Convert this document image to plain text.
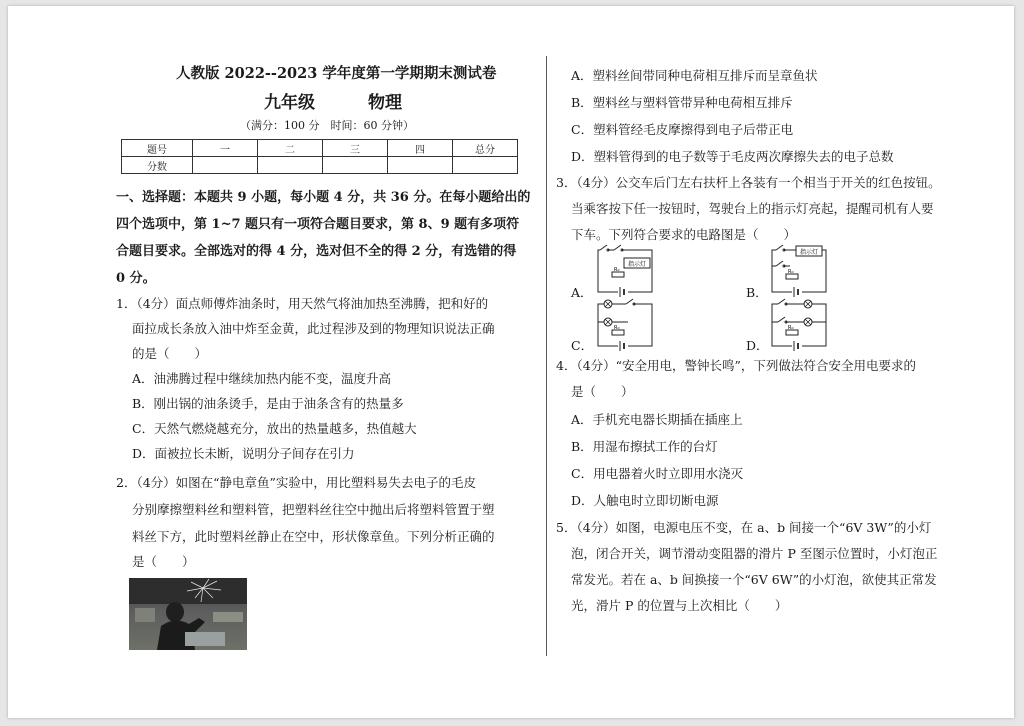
人教版 2022--2023 学年度第一学期期末测试卷
九年级	物理
（满分：100 分　时间：60 分钟）
题号	一	二	三	四	总分
分数					
一、选择题：本题共 9 小题，每小题 4 分，共 36 分。在每小题给出的
四个选项中，第 1~7 题只有一项符合题目要求，第 8、9 题有多项符
合题目要求。全部选对的得 4 分，选对但不全的得 2 分，有选错的得
0 分。
1．（4分）面点师傅炸油条时，用天然气将油加热至沸腾，把和好的
面拉成长条放入油中炸至金黄，此过程涉及到的物理知识说法正确
的是（　　）
A．油沸腾过程中继续加热内能不变，温度升高
B．刚出锅的油条烫手，是由于油条含有的热量多
C．天然气燃烧越充分，放出的热量越多，热值越大
D．面被拉长未断，说明分子间存在引力
2．（4分）如图在“静电章鱼”实验中，用比塑料易失去电子的毛皮
分别摩擦塑料丝和塑料管，把塑料丝往空中抛出后将塑料管置于塑
料丝下方，此时塑料丝静止在空中，形状像章鱼。下列分析正确的
是（　　）
A．塑料丝间带同种电荷相互排斥而呈章鱼状
B．塑料丝与塑料管带异种电荷相互排斥
C．塑料管经毛皮摩擦得到电子后带正电
D．塑料管得到的电子数等于毛皮两次摩擦失去的电子总数
3．（4分）公交车后门左右扶杆上各装有一个相当于开关的红色按钮。
当乘客按下任一按钮时，驾驶台上的指示灯亮起，提醒司机有人要
下车。下列符合要求的电路图是（　　）
A．
指示灯
R₀
B．
指示灯
R₀
C．
R₀
D．
R₀
4．（4分）“安全用电，警钟长鸣”，下列做法符合安全用电要求的
是（　　）
A．手机充电器长期插在插座上
B．用湿布擦拭工作的台灯
C．用电器着火时立即用水浇灭
D．人触电时立即切断电源
5．（4分）如图，电源电压不变，在 a、b 间接一个“6V 3W”的小灯
泡，闭合开关，调节滑动变阻器的滑片 P 至图示位置时，小灯泡正
常发光。若在 a、b 间换接一个“6V 6W”的小灯泡，欲使其正常发
光，滑片 P 的位置与上次相比（　　）
